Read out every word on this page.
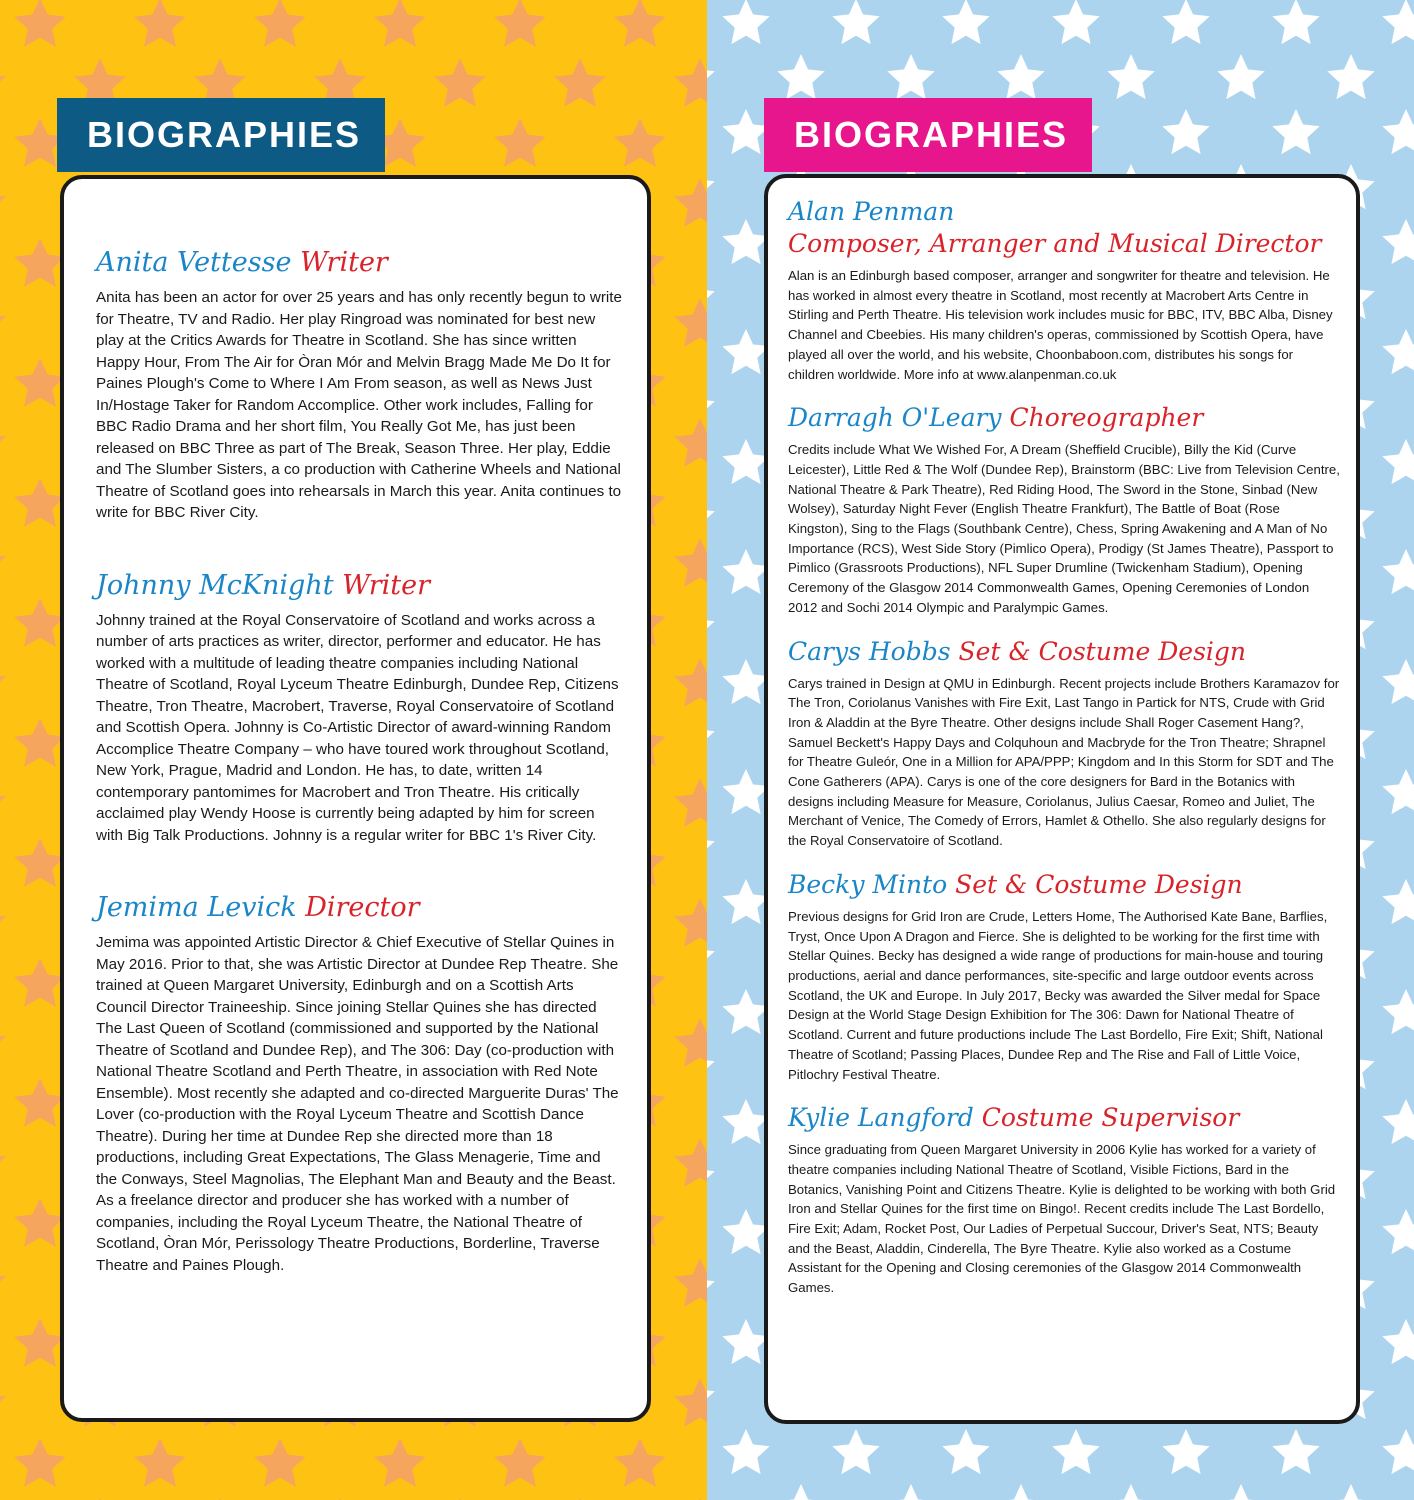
BIOGRAPHIES	BIOGRAPHIES
Anita Vettesse Writer

Anita has been an actor for over 25 years and has only recently begun to write for Theatre, TV and Radio. Her play Ringroad was nominated for best new play at the Critics Awards for Theatre in Scotland. She has since written Happy Hour, From The Air for Òran Mór and Melvin Bragg Made Me Do It for Paines Plough's Come to Where I Am From season, as well as News Just In/Hostage Taker for Random Accomplice. Other work includes, Falling for BBC Radio Drama and her short film, You Really Got Me, has just been released on BBC Three as part of The Break, Season Three. Her play, Eddie and The Slumber Sisters, a co production with Catherine Wheels and National Theatre of Scotland goes into rehearsals in March this year. Anita continues to write for BBC River City.

Johnny McKnight Writer

Johnny trained at the Royal Conservatoire of Scotland and works across a number of arts practices as writer, director, performer and educator. He has worked with a multitude of leading theatre companies including National Theatre of Scotland, Royal Lyceum Theatre Edinburgh, Dundee Rep, Citizens Theatre, Tron Theatre, Macrobert, Traverse, Royal Conservatoire of Scotland and Scottish Opera. Johnny is Co-Artistic Director of award-winning Random Accomplice Theatre Company – who have toured work throughout Scotland, New York, Prague, Madrid and London. He has, to date, written 14 contemporary pantomimes for Macrobert and Tron Theatre. His critically acclaimed play Wendy Hoose is currently being adapted by him for screen with Big Talk Productions. Johnny is a regular writer for BBC 1's River City.

Jemima Levick Director

Jemima was appointed Artistic Director & Chief Executive of Stellar Quines in May 2016. Prior to that, she was Artistic Director at Dundee Rep Theatre. She trained at Queen Margaret University, Edinburgh and on a Scottish Arts Council Director Traineeship. Since joining Stellar Quines she has directed The Last Queen of Scotland (commissioned and supported by the National Theatre of Scotland and Dundee Rep), and The 306: Day (co-production with National Theatre Scotland and Perth Theatre, in association with Red Note Ensemble). Most recently she adapted and co-directed Marguerite Duras' The Lover (co-production with the Royal Lyceum Theatre and Scottish Dance Theatre). During her time at Dundee Rep she directed more than 18 productions, including Great Expectations, The Glass Menagerie, Time and the Conways, Steel Magnolias, The Elephant Man and Beauty and the Beast. As a freelance director and producer she has worked with a number of companies, including the Royal Lyceum Theatre, the National Theatre of Scotland, Òran Mór, Perissology Theatre Productions, Borderline, Traverse Theatre and Paines Plough.

Alan Penman
Composer, Arranger and Musical Director

Alan is an Edinburgh based composer, arranger and songwriter for theatre and television. He has worked in almost every theatre in Scotland, most recently at Macrobert Arts Centre in Stirling and Perth Theatre. His television work includes music for BBC, ITV, BBC Alba, Disney Channel and Cbeebies. His many children's operas, commissioned by Scottish Opera, have played all over the world, and his website, Choonbaboon.com, distributes his songs for children worldwide. More info at www.alanpenman.co.uk

Darragh O'Leary Choreographer

Credits include What We Wished For, A Dream (Sheffield Crucible), Billy the Kid (Curve Leicester), Little Red & The Wolf (Dundee Rep), Brainstorm (BBC: Live from Television Centre, National Theatre & Park Theatre), Red Riding Hood, The Sword in the Stone, Sinbad (New Wolsey), Saturday Night Fever (English Theatre Frankfurt), The Battle of Boat (Rose Kingston), Sing to the Flags (Southbank Centre), Chess, Spring Awakening and A Man of No Importance (RCS), West Side Story (Pimlico Opera), Prodigy (St James Theatre), Passport to Pimlico (Grassroots Productions), NFL Super Drumline (Twickenham Stadium), Opening Ceremony of the Glasgow 2014 Commonwealth Games, Opening Ceremonies of London 2012 and Sochi 2014 Olympic and Paralympic Games.

Carys Hobbs Set & Costume Design

Carys trained in Design at QMU in Edinburgh. Recent projects include Brothers Karamazov for The Tron, Coriolanus Vanishes with Fire Exit, Last Tango in Partick for NTS, Crude with Grid Iron & Aladdin at the Byre Theatre. Other designs include Shall Roger Casement Hang?, Samuel Beckett's Happy Days and Colquhoun and Macbryde for the Tron Theatre; Shrapnel for Theatre Guleór, One in a Million for APA/PPP; Kingdom and In this Storm for SDT and The Cone Gatherers (APA). Carys is one of the core designers for Bard in the Botanics with designs including Measure for Measure, Coriolanus, Julius Caesar, Romeo and Juliet, The Merchant of Venice, The Comedy of Errors, Hamlet & Othello. She also regularly designs for the Royal Conservatoire of Scotland.

Becky Minto Set & Costume Design

Previous designs for Grid Iron are Crude, Letters Home, The Authorised Kate Bane, Barflies, Tryst, Once Upon A Dragon and Fierce. She is delighted to be working for the first time with Stellar Quines. Becky has designed a wide range of productions for main-house and touring productions, aerial and dance performances, site-specific and large outdoor events across Scotland, the UK and Europe. In July 2017, Becky was awarded the Silver medal for Space Design at the World Stage Design Exhibition for The 306: Dawn for National Theatre of Scotland. Current and future productions include The Last Bordello, Fire Exit; Shift, National Theatre of Scotland; Passing Places, Dundee Rep and The Rise and Fall of Little Voice, Pitlochry Festival Theatre.

Kylie Langford Costume Supervisor

Since graduating from Queen Margaret University in 2006 Kylie has worked for a variety of theatre companies including National Theatre of Scotland, Visible Fictions, Bard in the Botanics, Vanishing Point and Citizens Theatre. Kylie is delighted to be working with both Grid Iron and Stellar Quines for the first time on Bingo!. Recent credits include The Last Bordello, Fire Exit; Adam, Rocket Post, Our Ladies of Perpetual Succour, Driver's Seat, NTS; Beauty and the Beast, Aladdin, Cinderella, The Byre Theatre. Kylie also worked as a Costume Assistant for the Opening and Closing ceremonies of the Glasgow 2014 Commonwealth Games.
